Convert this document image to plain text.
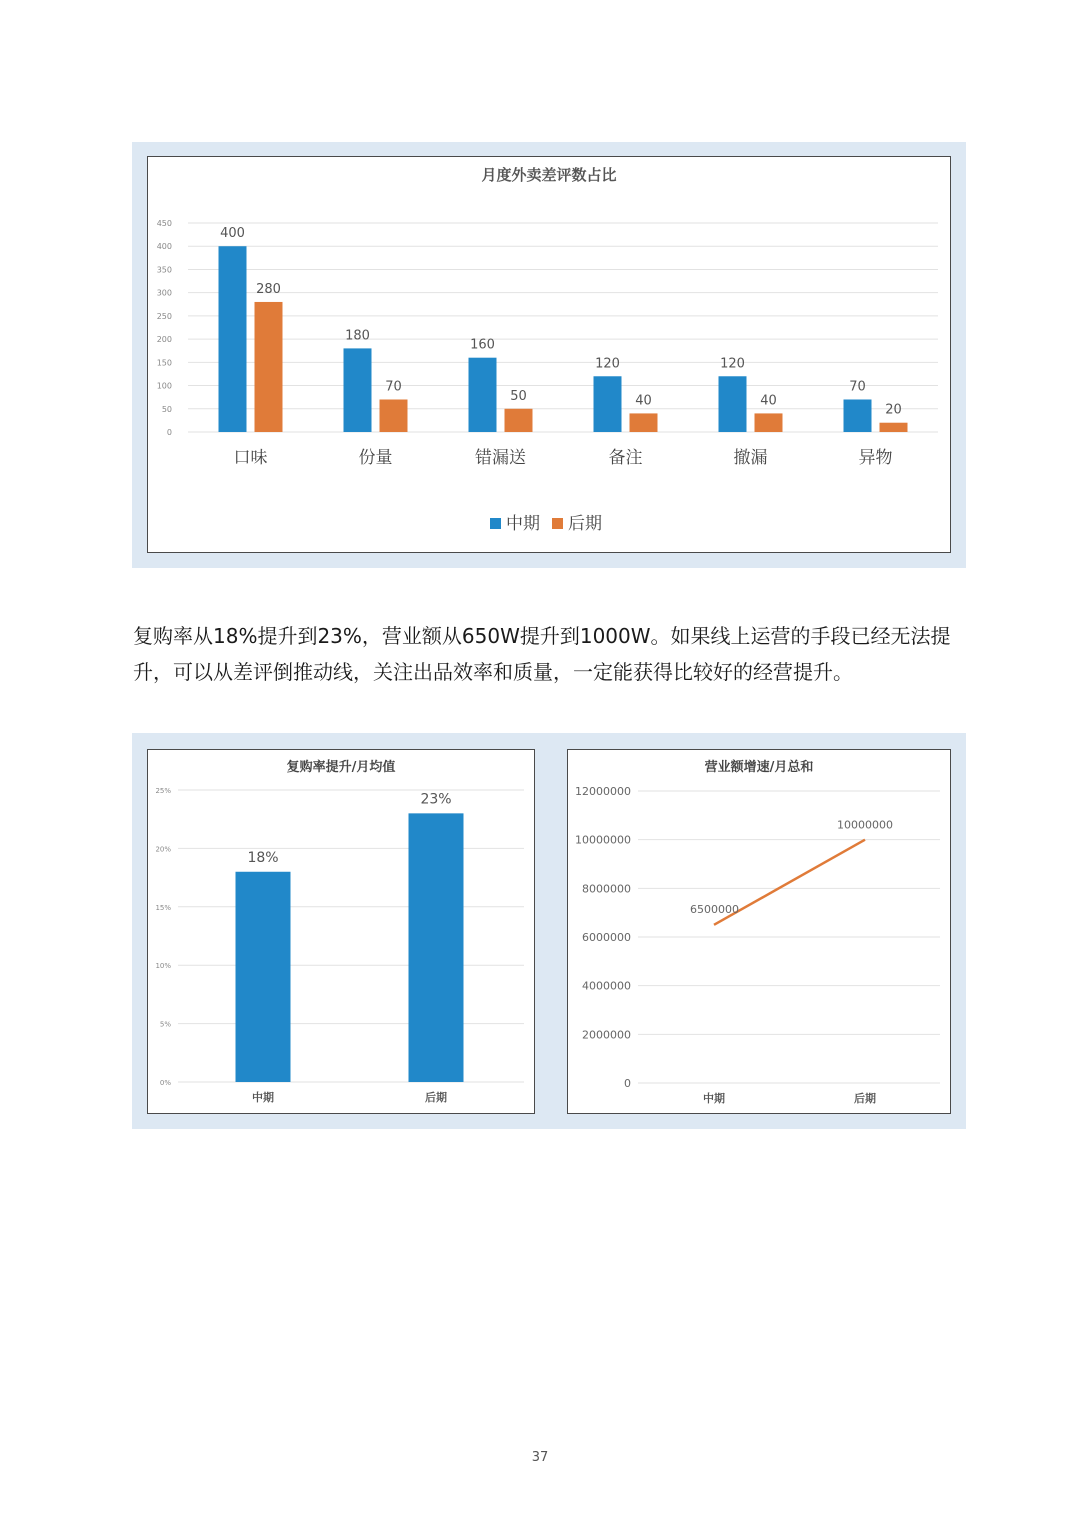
月度外卖差评数占比
0
50
100
150
200
250
300
350
400
450
400
280
口味
180
70
份量
160
50
错漏送
120
40
备注
120
40
撤漏
70
20
异物
中期 后期

复购率从18%提升到23%，营业额从650W提升到1000W。如果线上运营的手段已经无法提升，可以从差评倒推动线，关注出品效率和质量，一定能获得比较好的经营提升。

复购率提升/月均值
0%
5%
10%
15%
20%
25%
18%
中期
23%
后期
营业额增速/月总和
0
2000000
4000000
6000000
8000000
10000000
12000000
6500000
10000000
中期	后期
37
